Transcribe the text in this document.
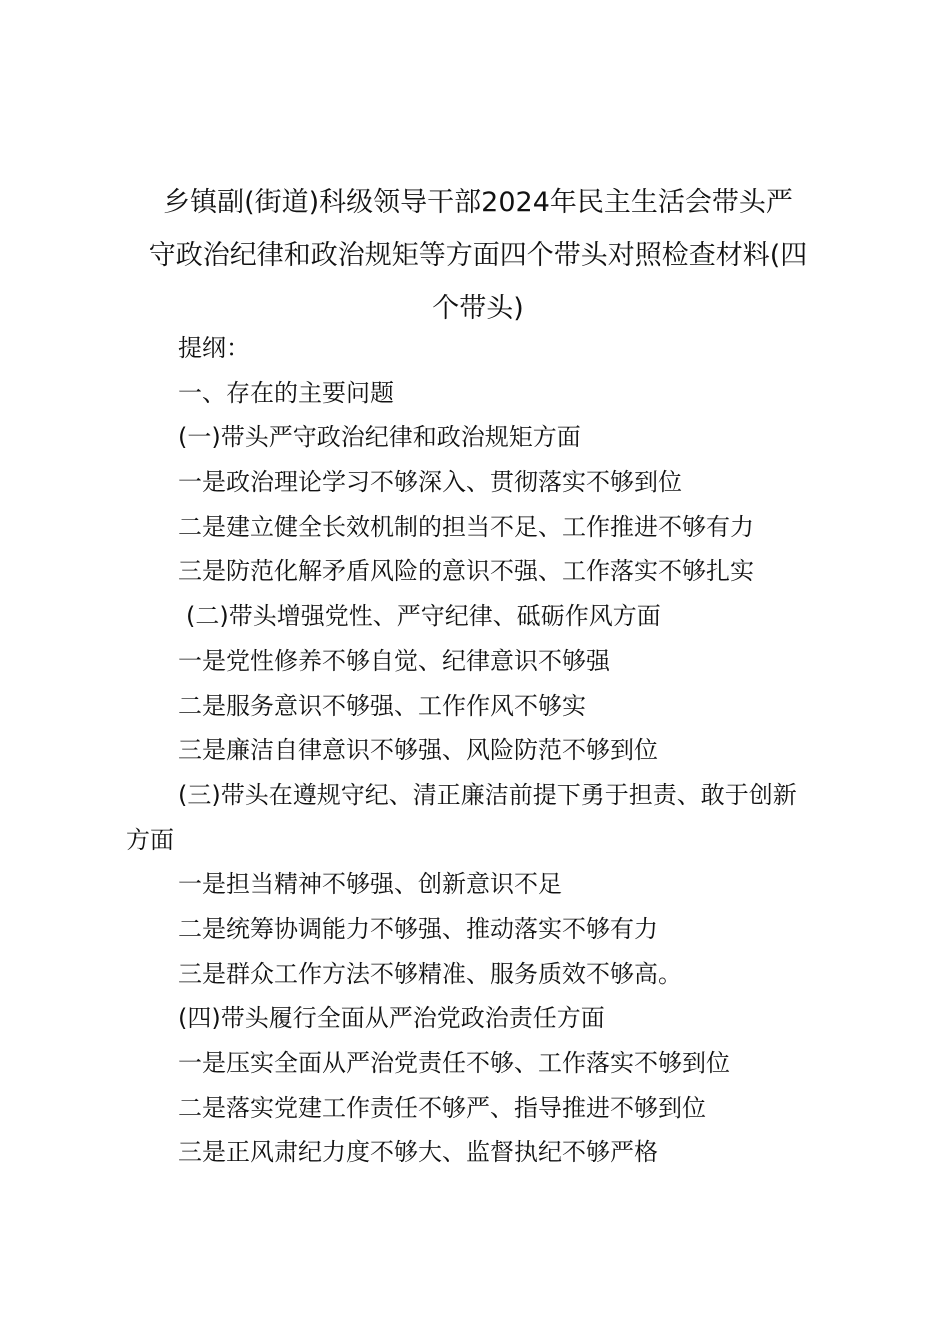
乡镇副(街道)科级领导干部2024年民主生活会带头严
守政治纪律和政治规矩等方面四个带头对照检查材料(四
个带头)
提纲：
一、存在的主要问题
(一)带头严守政治纪律和政治规矩方面
一是政治理论学习不够深入、贯彻落实不够到位
二是建立健全长效机制的担当不足、工作推进不够有力
三是防范化解矛盾风险的意识不强、工作落实不够扎实
(二)带头增强党性、严守纪律、砥砺作风方面
一是党性修养不够自觉、纪律意识不够强
二是服务意识不够强、工作作风不够实
三是廉洁自律意识不够强、风险防范不够到位
(三)带头在遵规守纪、清正廉洁前提下勇于担责、敢于创新
方面
一是担当精神不够强、创新意识不足
二是统筹协调能力不够强、推动落实不够有力
三是群众工作方法不够精准、服务质效不够高。
(四)带头履行全面从严治党政治责任方面
一是压实全面从严治党责任不够、工作落实不够到位
二是落实党建工作责任不够严、指导推进不够到位
三是正风肃纪力度不够大、监督执纪不够严格
